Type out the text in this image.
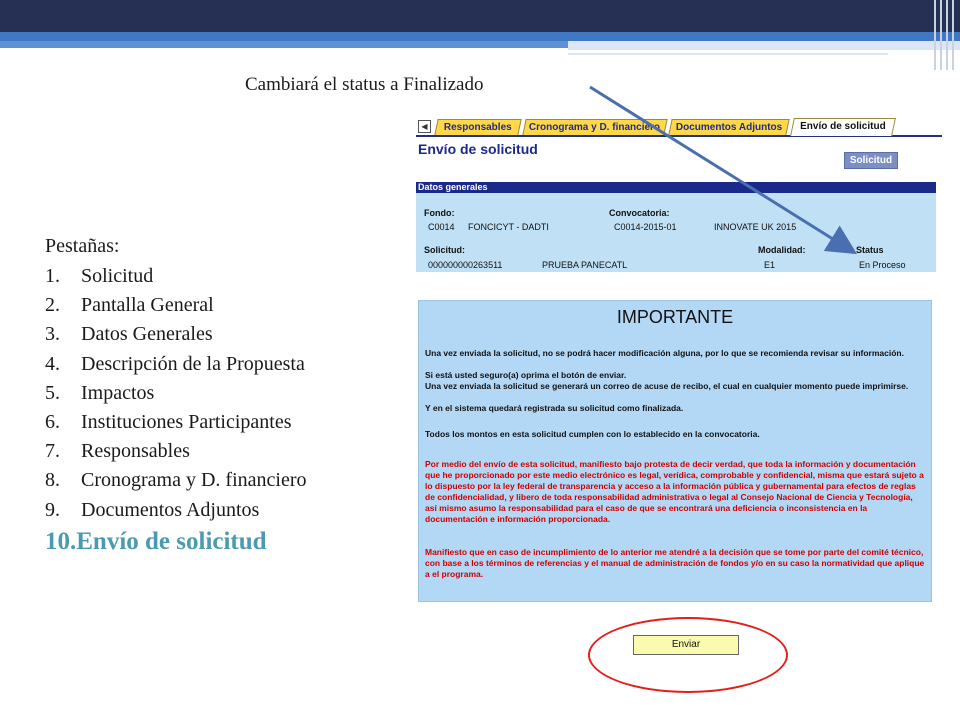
Cambiará el status a Finalizado
Pestañas:
1. Solicitud
2. Pantalla General
3. Datos Generales
4. Descripción de la Propuesta
5. Impactos
6. Instituciones Participantes
7. Responsables
8. Cronograma y D. financiero
9. Documentos Adjuntos
10.Envío de solicitud
◀	Responsables	Cronograma y D. financiero	Documentos Adjuntos	Envío de solicitud
Envío de solicitud
Solicitud
Datos generales
Fondo:
C0014 FONCICYT - DADTI
Convocatoria:
C0014-2015-01	INNOVATE UK 2015
Solicitud:
000000000263511	PRUEBA PANECATL
Modalidad:
E1
Status
En Proceso
IMPORTANTE

Una vez enviada la solicitud, no se podrá hacer modificación alguna, por lo que se recomienda revisar su información.

Si está usted seguro(a) oprima el botón de enviar.

Una vez enviada la solicitud se generará un correo de acuse de recibo, el cual en cualquier momento puede imprimirse.

Y en el sistema quedará registrada su solicitud como finalizada.

Todos los montos en esta solicitud cumplen con lo establecido en la convocatoria.

Por medio del envío de esta solicitud, manifiesto bajo protesta de decir verdad, que toda la información y documentación que he proporcionado por este medio electrónico es legal, verídica, comprobable y confidencial, misma que estará sujeto a lo dispuesto por la ley federal de transparencia y acceso a la información pública y gubernamental para efectos de reglas de confidencialidad, y libero de toda responsabilidad administrativa o legal al Consejo Nacional de Ciencia y Tecnología, así mismo asumo la responsabilidad para el caso de que se encontrará una deficiencia o inconsistencia en la documentación e información proporcionada.

Manifiesto que en caso de incumplimiento de lo anterior me atendré a la decisión que se tome por parte del comité técnico, con base a los términos de referencias y el manual de administración de fondos y/o en su caso la normatividad que aplique a el programa.

Enviar
